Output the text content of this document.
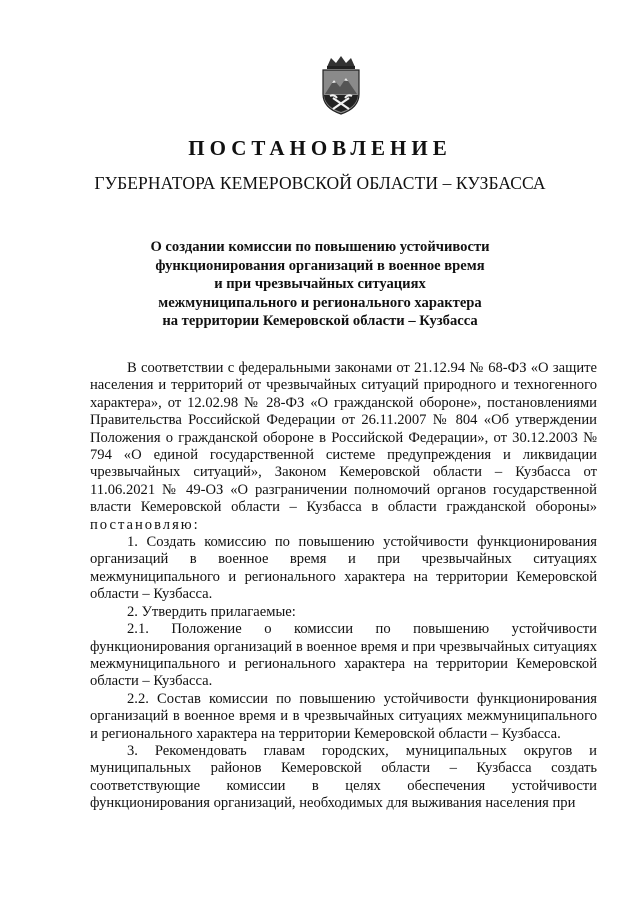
ПОСТАНОВЛЕНИЕ
ГУБЕРНАТОРА КЕМЕРОВСКОЙ ОБЛАСТИ – КУЗБАССА
О создании комиссии по повышению устойчивости функционирования организаций в военное время и при чрезвычайных ситуациях межмуниципального и регионального характера на территории Кемеровской области – Кузбасса

В соответствии с федеральными законами от 21.12.94 № 68-ФЗ «О защите населения и территорий от чрезвычайных ситуаций природного и техногенного характера», от 12.02.98 № 28-ФЗ «О гражданской обороне», постановлениями Правительства Российской Федерации от 26.11.2007 № 804 «Об утверждении Положения о гражданской обороне в Российской Федерации», от 30.12.2003 № 794 «О единой государственной системе предупреждения и ликвидации чрезвычайных ситуаций», Законом Кемеровской области – Кузбасса от 11.06.2021 № 49-ОЗ «О разграничении полномочий органов государственной власти Кемеровской области – Кузбасса в области гражданской обороны» постановляю:

1. Создать комиссию по повышению устойчивости функционирования организаций в военное время и при чрезвычайных ситуациях межмуниципального и регионального характера на территории Кемеровской области – Кузбасса.

2. Утвердить прилагаемые:

2.1. Положение о комиссии по повышению устойчивости функционирования организаций в военное время и при чрезвычайных ситуациях межмуниципального и регионального характера на территории Кемеровской области – Кузбасса.

2.2. Состав комиссии по повышению устойчивости функционирования организаций в военное время и в чрезвычайных ситуациях межмуниципального и регионального характера на территории Кемеровской области – Кузбасса.

3. Рекомендовать главам городских, муниципальных округов и муниципальных районов Кемеровской области – Кузбасса создать соответствующие комиссии в целях обеспечения устойчивости функционирования организаций, необходимых для выживания населения при
